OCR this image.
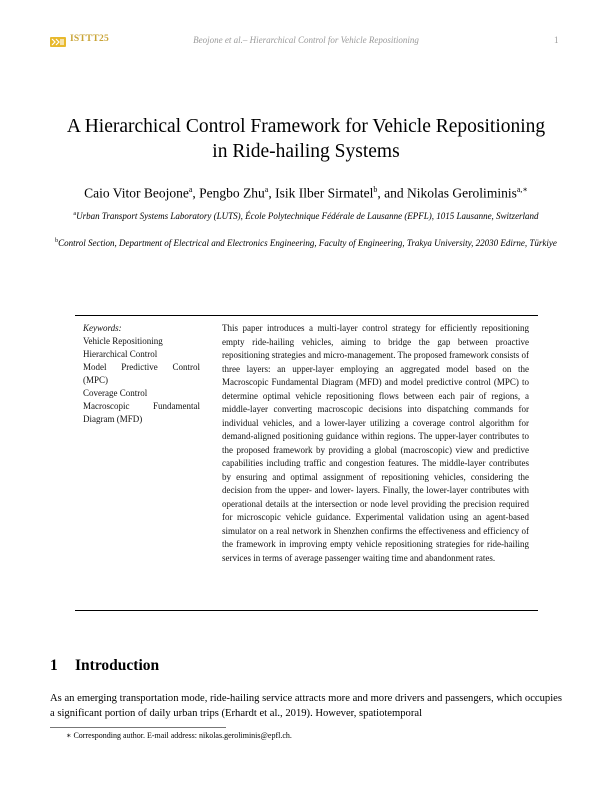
ISTTT25	Beojone et al.– Hierarchical Control for Vehicle Repositioning	1
A Hierarchical Control Framework for Vehicle Repositioning
in Ride-hailing Systems
Caio Vitor Beojone$^a$, Pengbo Zhu$^a$, Isik Ilber Sirmatel$^b$, and Nikolas Geroliminis$^{a,∗}$
$^a$Urban Transport Systems Laboratory (LUTS), École Polytechnique Fédérale de Lausanne (EPFL), 1015 Lausanne, Switzerland
$^b$Control Section, Department of Electrical and Electronics Engineering, Faculty of Engineering, Trakya University, 22030 Edirne, Türkiye
Keywords:
Vehicle Repositioning
Hierarchical Control
Model Predictive Control (MPC)
Coverage Control
Macroscopic Fundamental Diagram (MFD)
This paper introduces a multi-layer control strategy for efficiently repositioning empty ride-hailing vehicles, aiming to bridge the gap between proactive repositioning strategies and micro-management. The proposed framework consists of three layers: an upper-layer employing an aggregated model based on the Macroscopic Fundamental Diagram (MFD) and model predictive control (MPC) to determine optimal vehicle repositioning flows between each pair of regions, a middle-layer converting macroscopic decisions into dispatching commands for individual vehicles, and a lower-layer utilizing a coverage control algorithm for demand-aligned positioning guidance within regions. The upper-layer contributes to the proposed framework by providing a global (macroscopic) view and predictive capabilities including traffic and congestion features. The middle-layer contributes by ensuring and optimal assignment of repositioning vehicles, considering the decision from the upper- and lower- layers. Finally, the lower-layer contributes with operational details at the intersection or node level providing the precision required for microscopic vehicle guidance. Experimental validation using an agent-based simulator on a real network in Shenzhen confirms the effectiveness and efficiency of the framework in improving empty vehicle repositioning strategies for ride-hailing services in terms of average passenger waiting time and abandonment rates.
1 Introduction
As an emerging transportation mode, ride-hailing service attracts more and more drivers and passengers, which occupies a significant portion of daily urban trips (Erhardt et al., 2019). However, spatiotemporal
∗ Corresponding author. E-mail address: nikolas.geroliminis@epfl.ch.
